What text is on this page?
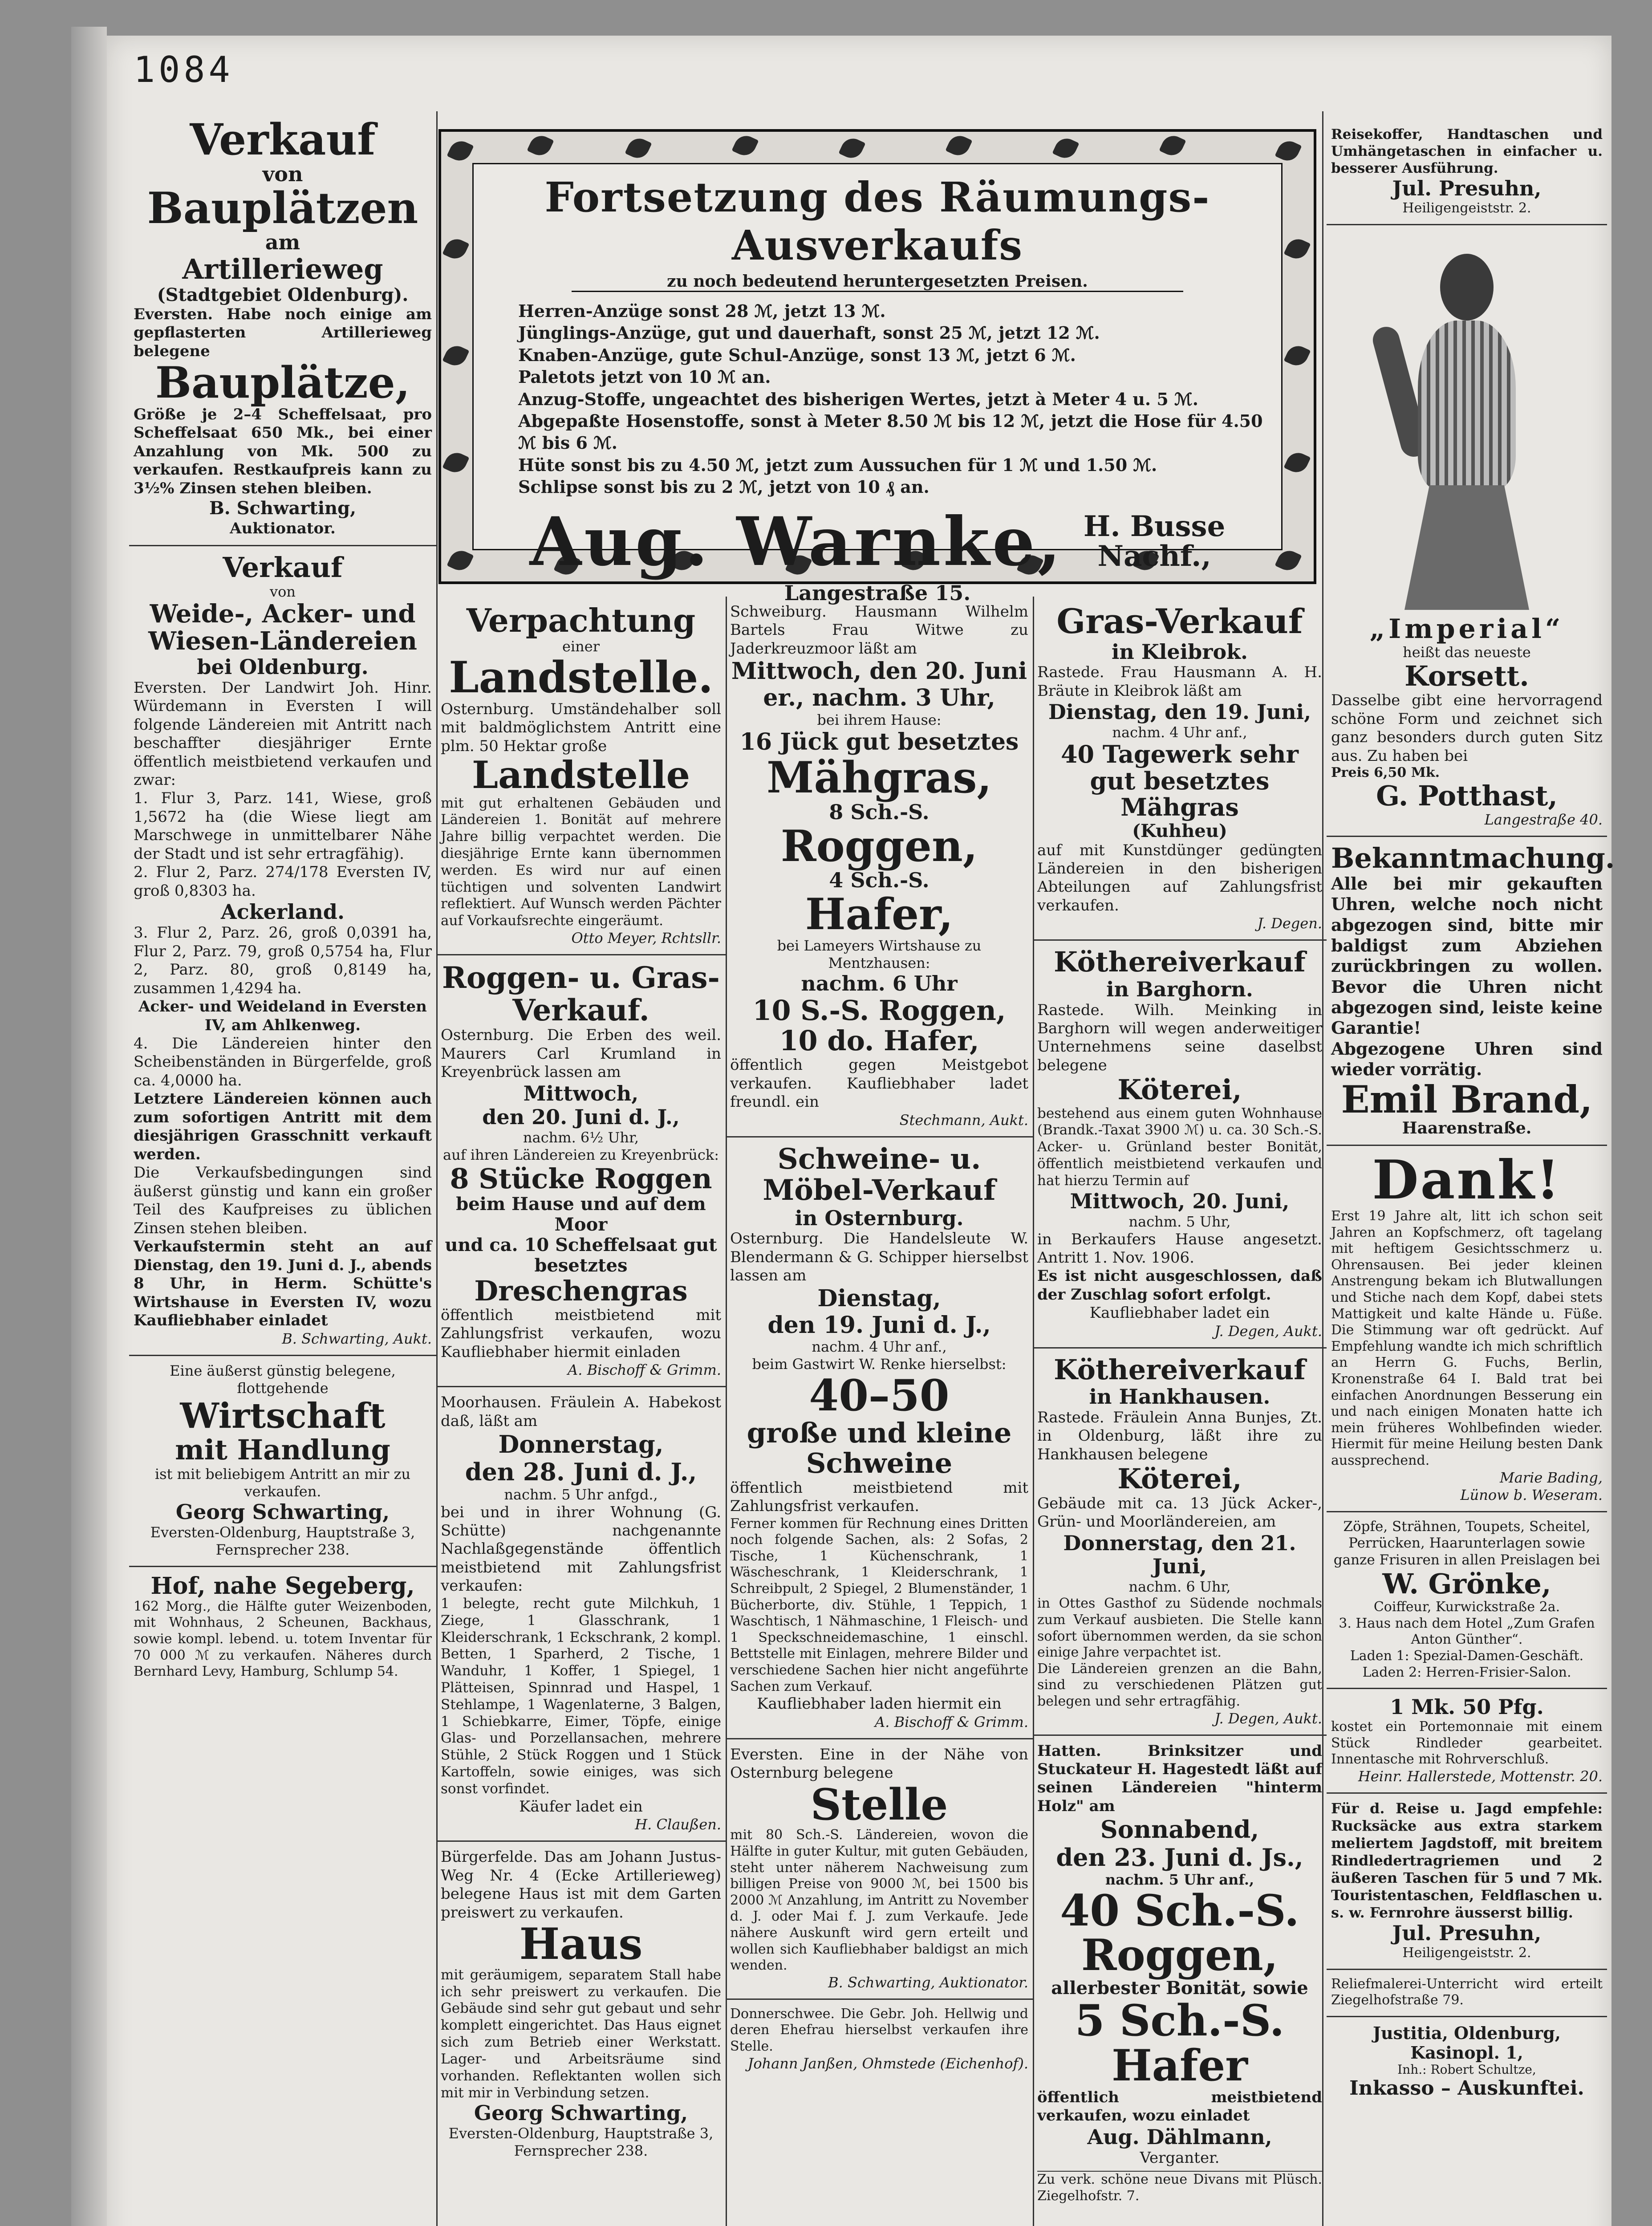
1084
Fortsetzung des Räumungs-Ausverkaufs
zu noch bedeutend heruntergesetzten Preisen.
Herren-Anzüge sonst 28 ℳ, jetzt 13 ℳ.
Jünglings-Anzüge, gut und dauerhaft, sonst 25 ℳ, jetzt 12 ℳ.
Knaben-Anzüge, gute Schul-Anzüge, sonst 13 ℳ, jetzt 6 ℳ.
Paletots jetzt von 10 ℳ an.
Anzug-Stoffe, ungeachtet des bisherigen Wertes, jetzt à Meter 4 u. 5 ℳ.
Abgepaßte Hosenstoffe, sonst à Meter 8.50 ℳ bis 12 ℳ, jetzt die Hose für 4.50 ℳ bis 6 ℳ.
Hüte sonst bis zu 4.50 ℳ, jetzt zum Aussuchen für 1 ℳ und 1.50 ℳ.
Schlipse sonst bis zu 2 ℳ, jetzt von 10 ₰ an.
Aug. Warnke, H. Busse
Nachf.,
Langestraße 15.
Verkauf
von
Bauplätzen
am
Artillerieweg
(Stadtgebiet Oldenburg).
Eversten. Habe noch einige am gepflasterten Artillerieweg belegene
Bauplätze,
Größe je 2–4 Scheffelsaat, pro Scheffelsaat 650 Mk., bei einer Anzahlung von Mk. 500 zu verkaufen. Restkaufpreis kann zu 3½% Zinsen stehen bleiben.
B. Schwarting,
Auktionator.
Verkauf
von
Weide-, Acker- und Wiesen-Ländereien
bei Oldenburg.
Eversten. Der Landwirt Joh. Hinr. Würdemann in Eversten I will folgende Ländereien mit Antritt nach beschaffter diesjähriger Ernte öffentlich meistbietend verkaufen und zwar:
1. Flur 3, Parz. 141, Wiese, groß 1,5672 ha (die Wiese liegt am Marschwege in unmittelbarer Nähe der Stadt und ist sehr ertragfähig).
2. Flur 2, Parz. 274/178 Eversten IV, groß 0,8303 ha.
Ackerland.
3. Flur 2, Parz. 26, groß 0,0391 ha, Flur 2, Parz. 79, groß 0,5754 ha, Flur 2, Parz. 80, groß 0,8149 ha, zusammen 1,4294 ha.
Acker- und Weideland in Eversten IV, am Ahlkenweg.
4. Die Ländereien hinter den Scheibenständen in Bürgerfelde, groß ca. 4,0000 ha.
Letztere Ländereien können auch zum sofortigen Antritt mit dem diesjährigen Grasschnitt verkauft werden.
Die Verkaufsbedingungen sind äußerst günstig und kann ein großer Teil des Kaufpreises zu üblichen Zinsen stehen bleiben.
Verkaufstermin steht an auf Dienstag, den 19. Juni d. J., abends 8 Uhr, in Herm. Schütte's Wirtshause in Eversten IV, wozu Kaufliebhaber einladet
B. Schwarting, Aukt.
Eine äußerst günstig belegene, flottgehende
Wirtschaft
mit Handlung
ist mit beliebigem Antritt an mir zu verkaufen.
Georg Schwarting,
Eversten-Oldenburg, Hauptstraße 3, Fernsprecher 238.
Hof, nahe Segeberg,
162 Morg., die Hälfte guter Weizenboden, mit Wohnhaus, 2 Scheunen, Backhaus, sowie kompl. lebend. u. totem Inventar für 70 000 ℳ zu verkaufen. Näheres durch Bernhard Levy, Hamburg, Schlump 54.
Verpachtung
einer
Landstelle.
Osternburg. Umständehalber soll mit baldmöglichstem Antritt eine plm. 50 Hektar große
Landstelle
mit gut erhaltenen Gebäuden und Ländereien 1. Bonität auf mehrere Jahre billig verpachtet werden. Die diesjährige Ernte kann übernommen werden. Es wird nur auf einen tüchtigen und solventen Landwirt reflektiert. Auf Wunsch werden Pächter auf Vorkaufsrechte eingeräumt.
Otto Meyer, Rchtsllr.
Roggen- u. Gras-Verkauf.
Osternburg. Die Erben des weil. Maurers Carl Krumland in Kreyenbrück lassen am
Mittwoch,
den 20. Juni d. J.,
nachm. 6½ Uhr,
auf ihren Ländereien zu Kreyenbrück:
8 Stücke Roggen
beim Hause und auf dem Moor
und ca. 10 Scheffelsaat gut besetztes
Dreschengras
öffentlich meistbietend mit Zahlungsfrist verkaufen, wozu Kaufliebhaber hiermit einladen
A. Bischoff & Grimm.
Moorhausen. Fräulein A. Habekost daß, läßt am
Donnerstag,
den 28. Juni d. J.,
nachm. 5 Uhr anfgd.,
bei und in ihrer Wohnung (G. Schütte) nachgenannte Nachlaßgegenstände öffentlich meistbietend mit Zahlungsfrist verkaufen:
1 belegte, recht gute Milchkuh, 1 Ziege, 1 Glasschrank, 1 Kleiderschrank, 1 Eckschrank, 2 kompl. Betten, 1 Sparherd, 2 Tische, 1 Wanduhr, 1 Koffer, 1 Spiegel, 1 Plätteisen, Spinnrad und Haspel, 1 Stehlampe, 1 Wagenlaterne, 3 Balgen, 1 Schiebkarre, Eimer, Töpfe, einige Glas- und Porzellansachen, mehrere Stühle, 2 Stück Roggen und 1 Stück Kartoffeln, sowie einiges, was sich sonst vorfindet.
Käufer ladet ein
H. Claußen.
Bürgerfelde. Das am Johann Justus-Weg Nr. 4 (Ecke Artillerieweg) belegene Haus ist mit dem Garten preiswert zu verkaufen.
Haus
mit geräumigem, separatem Stall habe ich sehr preiswert zu verkaufen. Die Gebäude sind sehr gut gebaut und sehr komplett eingerichtet. Das Haus eignet sich zum Betrieb einer Werkstatt. Lager- und Arbeitsräume sind vorhanden. Reflektanten wollen sich mit mir in Verbindung setzen.
Georg Schwarting,
Eversten-Oldenburg, Hauptstraße 3, Fernsprecher 238.
Schweiburg. Hausmann Wilhelm Bartels Frau Witwe zu Jaderkreuzmoor läßt am
Mittwoch, den 20. Juni er., nachm. 3 Uhr,
bei ihrem Hause:
16 Jück gut besetztes
Mähgras,
8 Sch.-S.
Roggen,
4 Sch.-S.
Hafer,
bei Lameyers Wirtshause zu Mentzhausen:
nachm. 6 Uhr
10 S.-S. Roggen,
10 do. Hafer,
öffentlich gegen Meistgebot verkaufen. Kaufliebhaber ladet freundl. ein
Stechmann, Aukt.
Schweine- u. Möbel-Verkauf
in Osternburg.
Osternburg. Die Handelsleute W. Blendermann & G. Schipper hierselbst lassen am
Dienstag,
den 19. Juni d. J.,
nachm. 4 Uhr anf.,
beim Gastwirt W. Renke hierselbst:
40–50
große und kleine
Schweine
öffentlich meistbietend mit Zahlungsfrist verkaufen.
Ferner kommen für Rechnung eines Dritten noch folgende Sachen, als: 2 Sofas, 2 Tische, 1 Küchenschrank, 1 Wäscheschrank, 1 Kleiderschrank, 1 Schreibpult, 2 Spiegel, 2 Blumenständer, 1 Bücherborte, div. Stühle, 1 Teppich, 1 Waschtisch, 1 Nähmaschine, 1 Fleisch- und 1 Speckschneidemaschine, 1 einschl. Bettstelle mit Einlagen, mehrere Bilder und verschiedene Sachen hier nicht angeführte Sachen zum Verkauf.
Kaufliebhaber laden hiermit ein
A. Bischoff & Grimm.
Eversten. Eine in der Nähe von Osternburg belegene
Stelle
mit 80 Sch.-S. Ländereien, wovon die Hälfte in guter Kultur, mit guten Gebäuden, steht unter näherem Nachweisung zum billigen Preise von 9000 ℳ, bei 1500 bis 2000 ℳ Anzahlung, im Antritt zu November d. J. oder Mai f. J. zum Verkaufe. Jede nähere Auskunft wird gern erteilt und wollen sich Kaufliebhaber baldigst an mich wenden.
B. Schwarting, Auktionator.
Donnerschwee. Die Gebr. Joh. Hellwig und deren Ehefrau hierselbst verkaufen ihre Stelle.
Johann Janßen, Ohmstede (Eichenhof).
Gras-Verkauf
in Kleibrok.
Rastede. Frau Hausmann A. H. Bräute in Kleibrok läßt am
Dienstag, den 19. Juni,
nachm. 4 Uhr anf.,
40 Tagewerk sehr gut besetztes Mähgras
(Kuhheu)
auf mit Kunstdünger gedüngten Ländereien in den bisherigen Abteilungen auf Zahlungsfrist verkaufen.
J. Degen.
Köthereiverkauf
in Barghorn.
Rastede. Wilh. Meinking in Barghorn will wegen anderweitiger Unternehmens seine daselbst belegene
Köterei,
bestehend aus einem guten Wohnhause (Brandk.-Taxat 3900 ℳ) u. ca. 30 Sch.-S. Acker- u. Grünland bester Bonität, öffentlich meistbietend verkaufen und hat hierzu Termin auf
Mittwoch, 20. Juni,
nachm. 5 Uhr,
in Berkaufers Hause angesetzt. Antritt 1. Nov. 1906.
Es ist nicht ausgeschlossen, daß der Zuschlag sofort erfolgt.
Kaufliebhaber ladet ein
J. Degen, Aukt.
Köthereiverkauf
in Hankhausen.
Rastede. Fräulein Anna Bunjes, Zt. in Oldenburg, läßt ihre zu Hankhausen belegene
Köterei,
Gebäude mit ca. 13 Jück Acker-, Grün- und Moorländereien, am
Donnerstag, den 21. Juni,
nachm. 6 Uhr,
in Ottes Gasthof zu Südende nochmals zum Verkauf ausbieten. Die Stelle kann sofort übernommen werden, da sie schon einige Jahre verpachtet ist.
Die Ländereien grenzen an die Bahn, sind zu verschiedenen Plätzen gut belegen und sehr ertragfähig.
J. Degen, Aukt.
Hatten. Brinksitzer und Stuckateur H. Hagestedt läßt auf seinen Ländereien "hinterm Holz" am
Sonnabend,
den 23. Juni d. Js.,
nachm. 5 Uhr anf.,
40 Sch.-S.
Roggen,
allerbester Bonität, sowie
5 Sch.-S.
Hafer
öffentlich meistbietend verkaufen, wozu einladet
Aug. Dählmann,
Verganter.
Zu verk. schöne neue Divans mit Plüsch. Ziegelhofstr. 7.
Reisekoffer, Handtaschen und Umhängetaschen in einfacher u. besserer Ausführung.
Jul. Presuhn,
Heiligengeiststr. 2.
„Imperial“
heißt das neueste
Korsett.
Dasselbe gibt eine hervorragend schöne Form und zeichnet sich ganz besonders durch guten Sitz aus. Zu haben bei
Preis 6,50 Mk.
G. Potthast,
Langestraße 40.
Bekanntmachung.
Alle bei mir gekauften Uhren, welche noch nicht abgezogen sind, bitte mir baldigst zum Abziehen zurückbringen zu wollen. Bevor die Uhren nicht abgezogen sind, leiste keine Garantie!
Abgezogene Uhren sind wieder vorrätig.
Emil Brand,
Haarenstraße.
Dank!
Erst 19 Jahre alt, litt ich schon seit Jahren an Kopfschmerz, oft tagelang mit heftigem Gesichtsschmerz u. Ohrensausen. Bei jeder kleinen Anstrengung bekam ich Blutwallungen und Stiche nach dem Kopf, dabei stets Mattigkeit und kalte Hände u. Füße. Die Stimmung war oft gedrückt. Auf Empfehlung wandte ich mich schriftlich an Herrn G. Fuchs, Berlin, Kronenstraße 64 I. Bald trat bei einfachen Anordnungen Besserung ein und nach einigen Monaten hatte ich mein früheres Wohlbefinden wieder. Hiermit für meine Heilung besten Dank aussprechend.
Marie Bading,
Lünow b. Weseram.
Zöpfe, Strähnen, Toupets, Scheitel, Perrücken, Haarunterlagen sowie ganze Frisuren in allen Preislagen bei
W. Grönke,
Coiffeur, Kurwickstraße 2a.
3. Haus nach dem Hotel „Zum Grafen Anton Günther“.
Laden 1: Spezial-Damen-Geschäft.
Laden 2: Herren-Frisier-Salon.
1 Mk. 50 Pfg.
kostet ein Portemonnaie mit einem Stück Rindleder gearbeitet. Innentasche mit Rohrverschluß.
Heinr. Hallerstede, Mottenstr. 20.
Für d. Reise u. Jagd empfehle: Rucksäcke aus extra starkem meliertem Jagdstoff, mit breitem Rindledertragriemen und 2 äußeren Taschen für 5 und 7 Mk. Touristentaschen, Feldflaschen u. s. w. Fernrohre äusserst billig.
Jul. Presuhn,
Heiligengeiststr. 2.
Reliefmalerei-Unterricht wird erteilt Ziegelhofstraße 79.
Justitia, Oldenburg, Kasinopl. 1,
Inh.: Robert Schultze,
Inkasso – Auskunftei.
